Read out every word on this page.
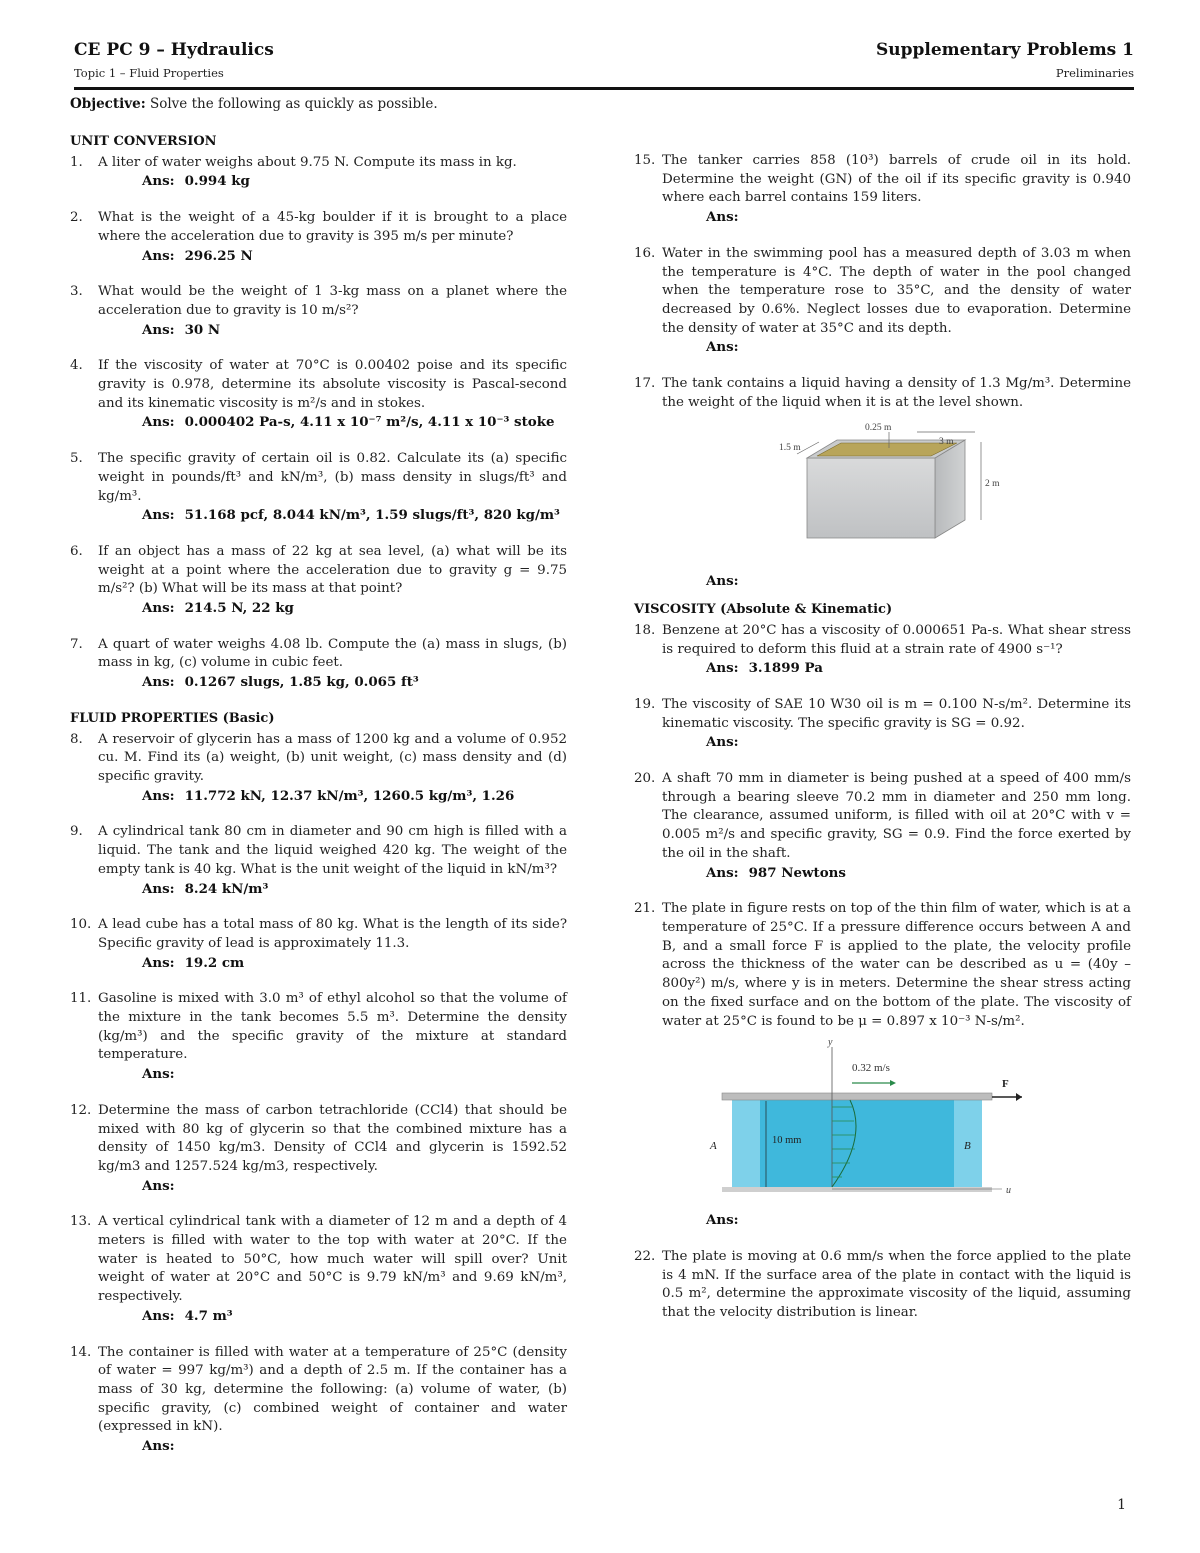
CE PC 9 – Hydraulics
Topic 1 – Fluid Properties
Supplementary Problems 1
Preliminaries
Objective: Solve the following as quickly as possible.
UNIT CONVERSION
1.	A liter of water weighs about 9.75 N. Compute its mass in kg.
Ans: 0.994 kg
2.	What is the weight of a 45-kg boulder if it is brought to a place where the acceleration due to gravity is 395 m/s per minute?
Ans: 296.25 N
3.	What would be the weight of 1 3-kg mass on a planet where the acceleration due to gravity is 10 m/s²?
Ans: 30 N
4.	If the viscosity of water at 70°C is 0.00402 poise and its specific gravity is 0.978, determine its absolute viscosity is Pascal-second and its kinematic viscosity is m²/s and in stokes.
Ans: 0.000402 Pa-s, 4.11 x 10⁻⁷ m²/s, 4.11 x 10⁻³ stoke
5.	The specific gravity of certain oil is 0.82. Calculate its (a) specific weight in pounds/ft³ and kN/m³, (b) mass density in slugs/ft³ and kg/m³.
Ans: 51.168 pcf, 8.044 kN/m³, 1.59 slugs/ft³, 820 kg/m³
6.	If an object has a mass of 22 kg at sea level, (a) what will be its weight at a point where the acceleration due to gravity g = 9.75 m/s²? (b) What will be its mass at that point?
Ans: 214.5 N, 22 kg
7.	A quart of water weighs 4.08 lb. Compute the (a) mass in slugs, (b) mass in kg, (c) volume in cubic feet.
Ans: 0.1267 slugs, 1.85 kg, 0.065 ft³
FLUID PROPERTIES (Basic)
8.	A reservoir of glycerin has a mass of 1200 kg and a volume of 0.952 cu. M. Find its (a) weight, (b) unit weight, (c) mass density and (d) specific gravity.
Ans: 11.772 kN, 12.37 kN/m³, 1260.5 kg/m³, 1.26
9.	A cylindrical tank 80 cm in diameter and 90 cm high is filled with a liquid. The tank and the liquid weighed 420 kg. The weight of the empty tank is 40 kg. What is the unit weight of the liquid in kN/m³?
Ans: 8.24 kN/m³
10. A lead cube has a total mass of 80 kg. What is the length of its side? Specific gravity of lead is approximately 11.3.
Ans: 19.2 cm
11. Gasoline is mixed with 3.0 m³ of ethyl alcohol so that the volume of the mixture in the tank becomes 5.5 m³. Determine the density (kg/m³) and the specific gravity of the mixture at standard temperature.
Ans:
12. Determine the mass of carbon tetrachloride (CCl4) that should be mixed with 80 kg of glycerin so that the combined mixture has a density of 1450 kg/m3. Density of CCl4 and glycerin is 1592.52 kg/m3 and 1257.524 kg/m3, respectively.
Ans:
13. A vertical cylindrical tank with a diameter of 12 m and a depth of 4 meters is filled with water to the top with water at 20°C. If the water is heated to 50°C, how much water will spill over? Unit weight of water at 20°C and 50°C is 9.79 kN/m³ and 9.69 kN/m³, respectively.
Ans: 4.7 m³
14. The container is filled with water at a temperature of 25°C (density of water = 997 kg/m³) and a depth of 2.5 m. If the container has a mass of 30 kg, determine the following: (a) volume of water, (b) specific gravity, (c) combined weight of container and water (expressed in kN).
Ans:
15. The tanker carries 858 (10³) barrels of crude oil in its hold. Determine the weight (GN) of the oil if its specific gravity is 0.940 where each barrel contains 159 liters.
Ans:
16. Water in the swimming pool has a measured depth of 3.03 m when the temperature is 4°C. The depth of water in the pool changed when the temperature rose to 35°C, and the density of water decreased by 0.6%. Neglect losses due to evaporation. Determine the density of water at 35°C and its depth.
Ans:
17. The tank contains a liquid having a density of 1.3 Mg/m³. Determine the weight of the liquid when it is at the level shown.
0.25 m
1.5 m
3 m
2 m
Ans:
VISCOSITY (Absolute & Kinematic)
18. Benzene at 20°C has a viscosity of 0.000651 Pa-s. What shear stress is required to deform this fluid at a strain rate of 4900 s⁻¹?
Ans: 3.1899 Pa
19. The viscosity of SAE 10 W30 oil is m = 0.100 N-s/m². Determine its kinematic viscosity. The specific gravity is SG = 0.92.
Ans:
20. A shaft 70 mm in diameter is being pushed at a speed of 400 mm/s through a bearing sleeve 70.2 mm in diameter and 250 mm long. The clearance, assumed uniform, is filled with oil at 20°C with v = 0.005 m²/s and specific gravity, SG = 0.9. Find the force exerted by the oil in the shaft.
Ans: 987 Newtons
21. The plate in figure rests on top of the thin film of water, which is at a temperature of 25°C. If a pressure difference occurs between A and B, and a small force F is applied to the plate, the velocity profile across the thickness of the water can be described as u = (40y – 800y²) m/s, where y is in meters. Determine the shear stress acting on the fixed surface and on the bottom of the plate. The viscosity of water at 25°C is found to be μ = 0.897 x 10⁻³ N-s/m².
y
u
0.32 m/s
F
10 mm
A	B
Ans:
22. The plate is moving at 0.6 mm/s when the force applied to the plate is 4 mN. If the surface area of the plate in contact with the liquid is 0.5 m², determine the approximate viscosity of the liquid, assuming that the velocity distribution is linear.
1
